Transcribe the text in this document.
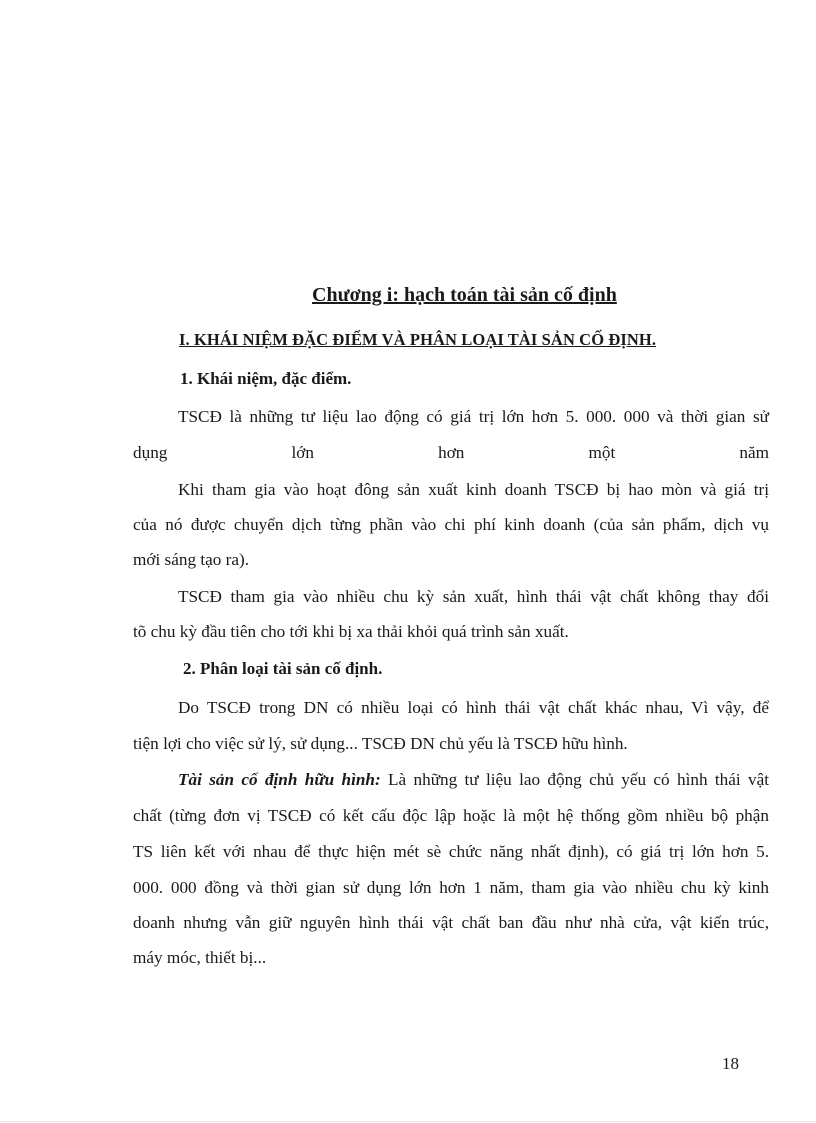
Chương i: hạch toán tài sản cố định
I. KHÁI NIỆM ĐẶC ĐIỂM VÀ PHÂN LOẠI TÀI SẢN CỐ ĐỊNH.
1. Khái niệm, đặc điểm.

TSCĐ là những tư liệu lao động có giá trị lớn hơn 5. 000. 000 và thời gian sử

dụng lớn hơn một năm

Khi tham gia vào hoạt đông sản xuất kinh doanh TSCĐ bị hao mòn và giá trị

của nó được chuyển dịch từng phần vào chi phí kinh doanh (của sản phẩm, dịch vụ

mới sáng tạo ra).

TSCĐ tham gia vào nhiều chu kỳ sản xuất, hình thái vật chất không thay đổi

tõ chu kỳ đầu tiên cho tới khi bị xa thải khỏi quá trình sản xuất.

2. Phân loại tài sản cố định.

Do TSCĐ trong DN có nhiều loại có hình thái vật chất khác nhau, Vì vậy, để

tiện lợi cho việc sử lý, sử dụng... TSCĐ DN chủ yếu là TSCĐ hữu hình.

Tài sản cố định hữu hình: Là những tư liệu lao động chủ yếu có hình thái vật

chất (từng đơn vị TSCĐ có kết cấu độc lập hoặc là một hệ thống gồm nhiều bộ phận

TS liên kết với nhau để thực hiện mét sè chức năng nhất định), có giá trị lớn hơn 5.

000. 000 đồng và thời gian sử dụng lớn hơn 1 năm, tham gia vào nhiều chu kỳ kinh

doanh nhưng vẫn giữ nguyên hình thái vật chất ban đầu như nhà cửa, vật kiến trúc,

máy móc, thiết bị...

18
